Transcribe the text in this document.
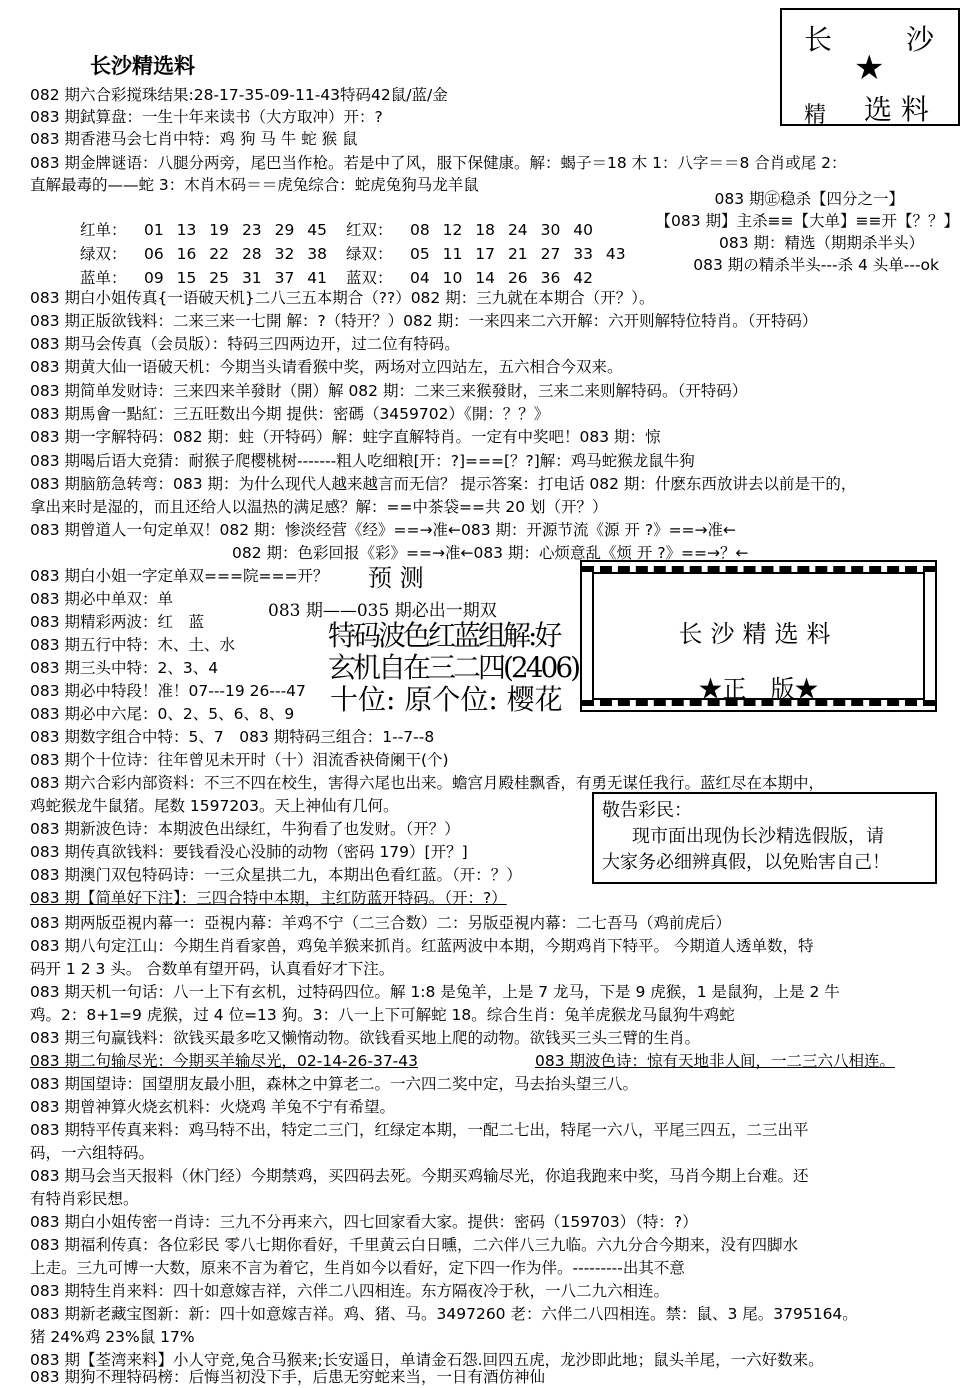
长沙精选料
长	沙
★
精 选 料
082 期六合彩搅珠结果:28-17-35-09-11-43特码42鼠/蓝/金
083 期鉽算盘：一生十年来读书（大方取冲）开：?
083 期香港马会七肖中特：鸡 狗 马 牛 蛇 猴 鼠
083 期金牌谜语：八腿分两旁，尾巴当作枪。若是中了风，服下保健康。解：蝎子＝18 木 1：八字＝＝8 合肖或尾 2：
直解最毒的——蛇 3：木肖木码＝＝虎兔综合：蛇虎兔狗马龙羊鼠
红单： 01 13 19 23 29 45
绿双： 06 16 22 28 32 38
蓝单： 09 15 25 31 37 41
红双： 08 12 18 24 30 40
绿双： 05 11 17 21 27 33 43
蓝双： 04 10 14 26 36 42
083 期㊣稳杀【四分之一】
【083 期】主杀≡≡【大单】≡≡开【？？】
083 期：精选（期期杀半头）
083 期の精杀半头---杀 4 头单---ok
083 期白小姐传真{一语破天机}二八三五本期合（??）082 期：三九就在本期合（开？）。
083 期正版欲钱料：二来三来一七開 解：?（特开？）082 期：一来四来二六开解：六开则解特位特肖。（开特码）
083 期马会传真（会员版）：特码三四两边开，过二位有特码。
083 期黄大仙一语破天机：今期当头请看猴中奖，两场对立四站左，五六相合今双来。
083 期简单发财诗：三来四来羊發財（開）解 082 期：二来三来猴發財，三来二来则解特码。（开特码）
083 期馬會一點紅：三五旺数出今期 提供：密碼（3459702）《開：？？》
083 期一字解特码：082 期：蛀（开特码）解：蛀字直解特肖。一定有中奖吧！083 期：惊
083 期喝后语大竞猜：耐猴子爬樱桃树-------粗人吃细粮[开：?]===[？?]解：鸡马蛇猴龙鼠牛狗
083 期脑筋急转弯：083 期：为什么现代人越来越言而无信？ 提示答案：打电话 082 期：什麽东西放讲去以前是干的，
拿出来时是湿的，而且还给人以温热的满足感？解：==中茶袋==共 20 划（开？）
083 期曾道人一句定单双！082 期：惨淡经营《经》==→准←083 期：开源节流《源 开 ?》==→准←
082 期：色彩回报《彩》==→准←083 期：心烦意乱《烦 开 ?》==→？←
083 期白小姐一字定单双===院===开？
083 期必中单双：单
083 期精彩两波：红　蓝
083 期五行中特：木、土、水
083 期三头中特：2、3、4
083 期必中特段！准！07---19 26---47
083 期必中六尾：0、2、5、6、8、9
083 期数字组合中特：5、7　083 期特码三组合：1--7--8
预 测
083 期——035 期必出一期双
特码波色红蓝组解:好
玄机自在三二四(2406)
十位: 原个位: 樱花
长沙精选料
★正　版★
083 期个十位诗：往年曾见未开时（十）泪流香袂倚阑干(个)
083 期六合彩内部资料：不三不四在校生，害得六尾也出来。蟾宫月殿桂飘香，有勇无谋任我行。蓝红尽在本期中，
鸡蛇猴龙牛鼠猪。尾数 1597203。天上神仙有几何。
083 期新波色诗：本期波色出绿红，牛狗看了也发财。（开？）
083 期传真欲钱料：要钱看没心没肺的动物（密码 179）[开？]
083 期澳门双包特码诗：一三众星拱二九，本期出色看红蓝。（开：？）
083 期【简单好下注】：三四合特中本期，主红防蓝开特码。（开：?）
敬告彩民：
现市面出现伪长沙精选假版，请
大家务必细辨真假，以免贻害自己！
083 期两版亞視内幕一：亞視内幕：羊鸡不宁（二三合数）二：另版亞視内幕：二七吾马（鸡前虎后）
083 期八句定江山：今期生肖看家兽，鸡兔羊猴来抓肖。红蓝两波中本期，今期鸡肖下特平。 今期道人透单数，特
码开 1 2 3 头。 合数单有望开码，认真看好才下注。
083 期天机一句话：八一上下有玄机，过特码四位。解 1:8 是兔羊，上是 7 龙马，下是 9 虎猴，1 是鼠狗，上是 2 牛
鸡。2：8+1=9 虎猴，过 4 位=13 狗。3：八一上下可解蛇 18。综合生肖：兔羊虎猴龙马鼠狗牛鸡蛇
083 期三句赢钱料：欲钱买最多吃又懒惰动物。欲钱看买地上爬的动物。欲钱买三头三臂的生肖。
083 期二句输尽光：今期买羊输尽光，02-14-26-37-43	083 期波色诗：惊有天地非人间，一二三六八相连。
083 期国望诗：国望朋友最小胆，森林之中算老二。一六四二奖中定，马去抬头望三八。
083 期曾神算火烧玄机料：火烧鸡 羊兔不宁有希望。
083 期特平传真来料：鸡马特不出，特定二三门，红绿定本期，一配二七出，特尾一六八，平尾三四五，二三出平
码，一六组特码。
083 期马会当天报料（休门经）今期禁鸡，买四码去死。今期买鸡输尽光，你追我跑来中奖，马肖今期上台难。还
有特肖彩民想。
083 期白小姐传密一肖诗：三九不分再来六，四七回家看大家。提供：密码（159703）（特：?）
083 期福利传真：各位彩民 零八七期你看好，千里黄云白日曛，二六伴八三九临。六九分合今期来，没有四脚水
上走。三九可博一大数，原来不言为着它，生肖如今以看好，定下四一作为伴。---------出其不意
083 期特生肖来料：四十如意嫁吉祥，六伴二八四相连。东方隔夜冷于秋，一八二九六相连。
083 期新老藏宝图新：新：四十如意嫁吉祥。鸡、猪、马。3497260 老：六伴二八四相连。禁：鼠、3 尾。3795164。
猪 24%鸡 23%鼠 17%
083 期【荃湾来料】小人守竞,兔合马猴来;长安遥日，单请金石怨.回四五虎，龙沙即此地；鼠头羊尾，一六好数来。
083 期狗不理特码榜：后悔当初没下手，后患无穷蛇来当，一日有酒仿神仙
